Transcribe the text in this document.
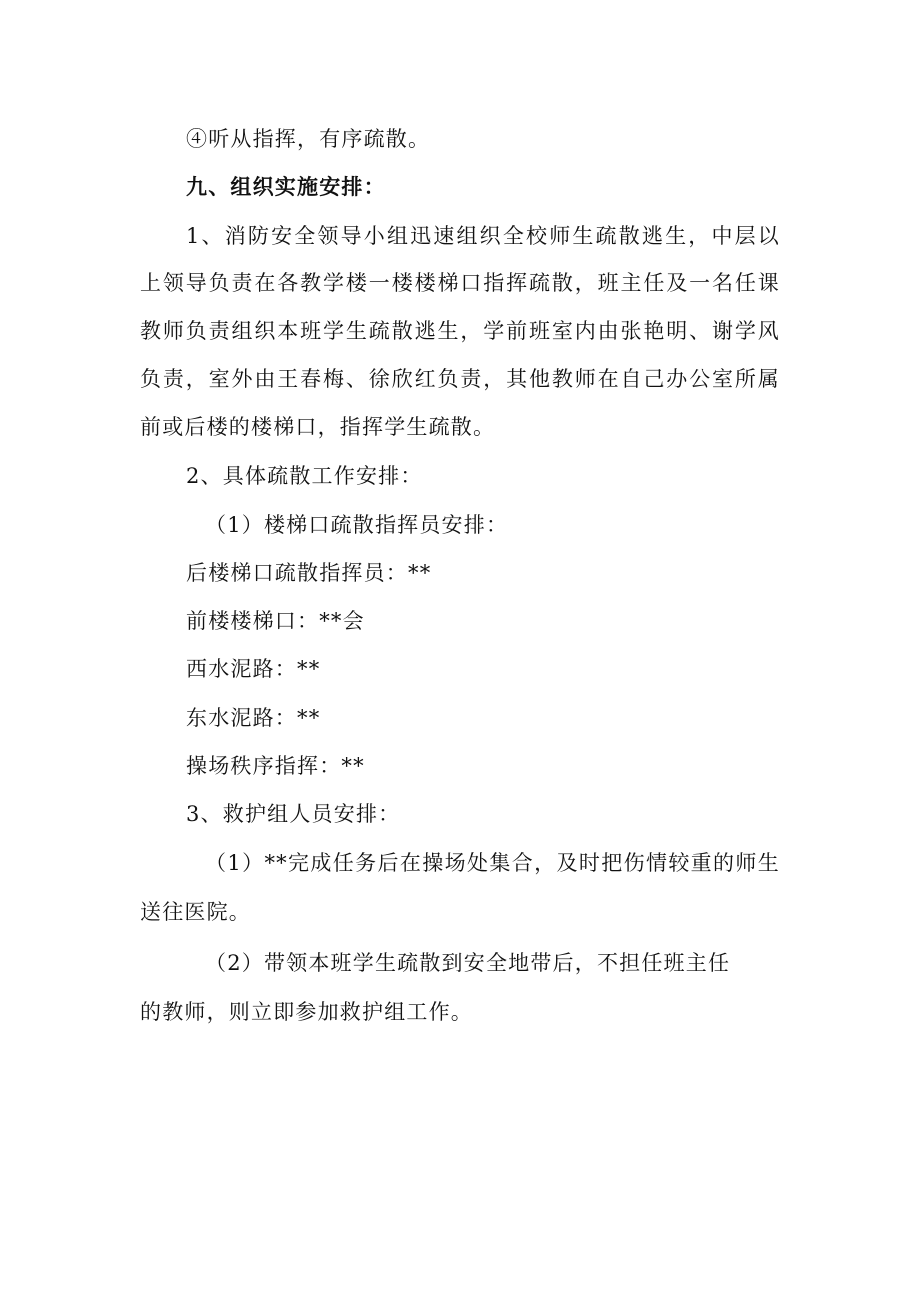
④听从指挥，有序疏散。
九、组织实施安排：
1、消防安全领导小组迅速组织全校师生疏散逃生，中层以
上领导负责在各教学楼一楼楼梯口指挥疏散，班主任及一名任课
教师负责组织本班学生疏散逃生，学前班室内由张艳明、谢学风
负责，室外由王春梅、徐欣红负责，其他教师在自己办公室所属
前或后楼的楼梯口，指挥学生疏散。
2、具体疏散工作安排：
（1）楼梯口疏散指挥员安排：
后楼梯口疏散指挥员：**
前楼楼梯口：**会
西水泥路：**
东水泥路：**
操场秩序指挥：**
3、救护组人员安排：
（1）**完成任务后在操场处集合，及时把伤情较重的师生
送往医院。
（2）带领本班学生疏散到安全地带后，不担任班主任
的教师，则立即参加救护组工作。
